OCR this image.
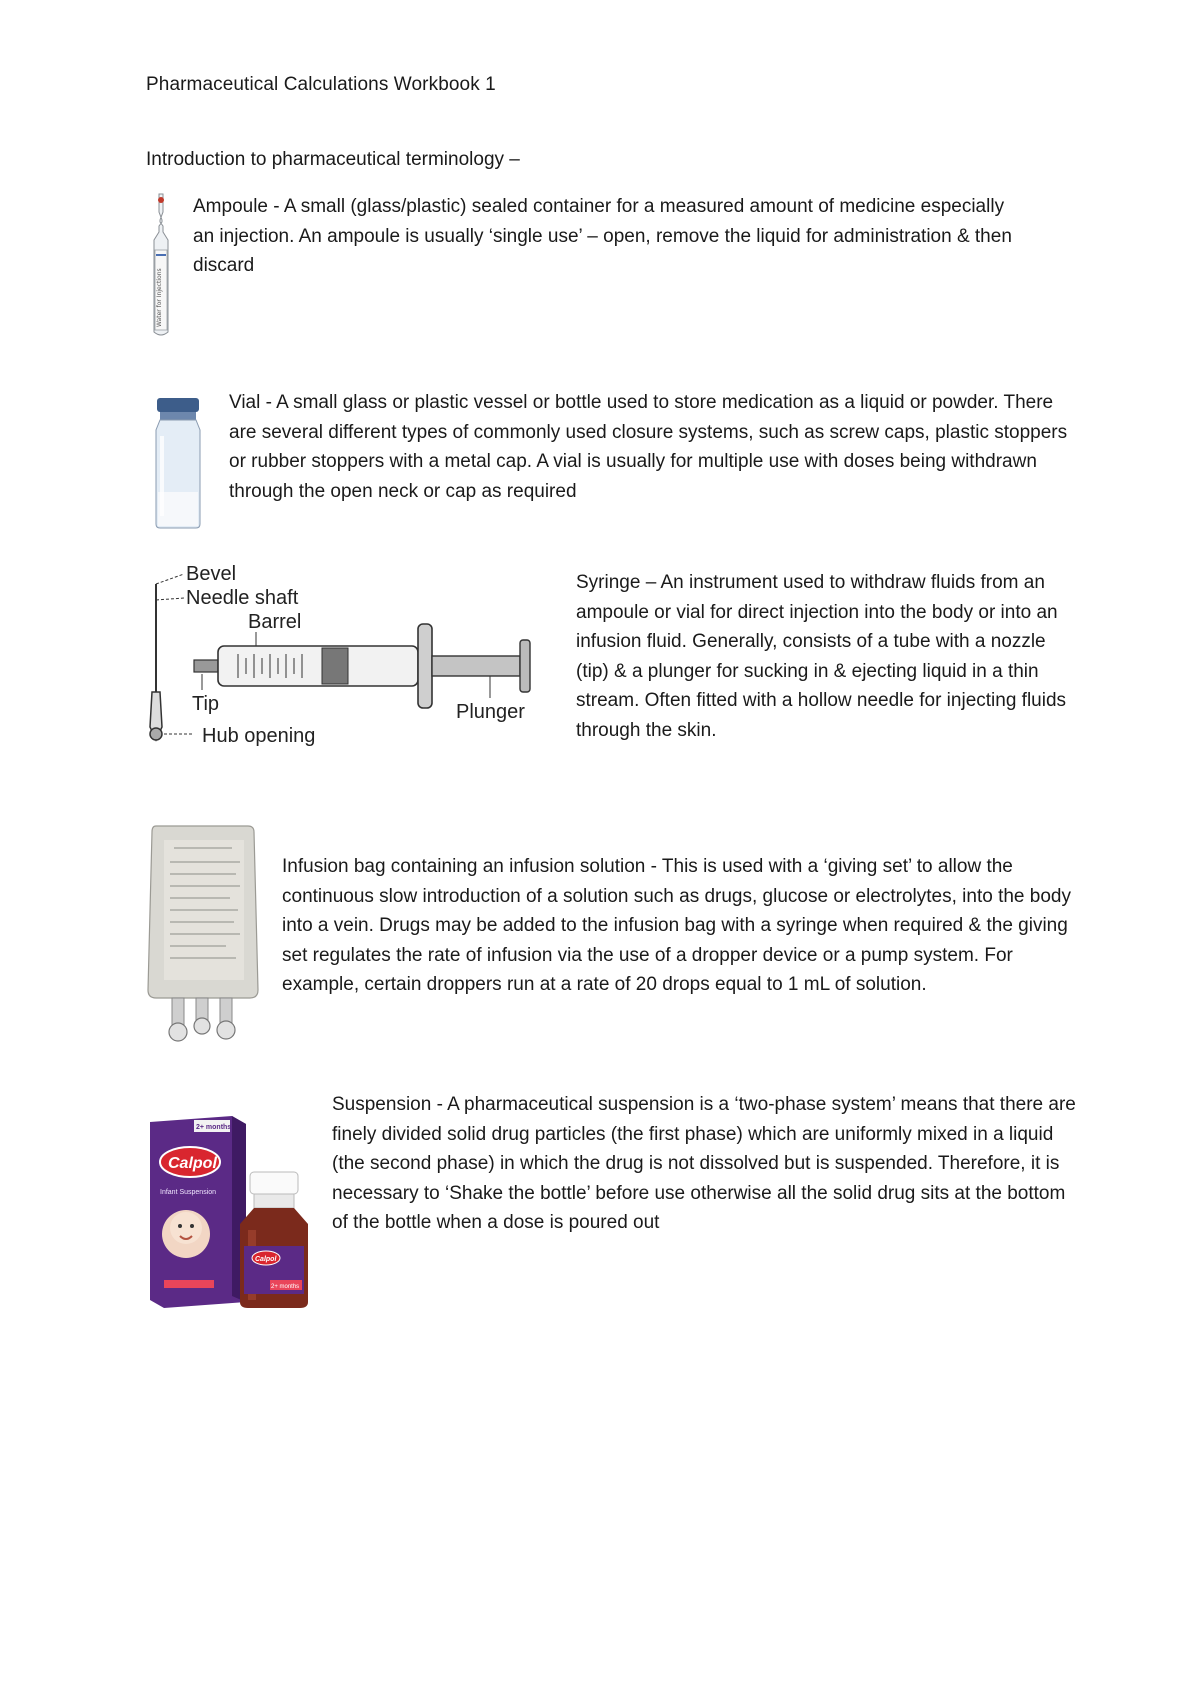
Pharmaceutical Calculations Workbook 1
Introduction to pharmaceutical terminology –
Water for Injections

Ampoule - A small (glass/plastic) sealed container for a measured amount of medicine especially an injection. An ampoule is usually ‘single use’ – open, remove the liquid for administration & then discard

Vial - A small glass or plastic vessel or bottle used to store medication as a liquid or powder. There are several different types of commonly used closure systems, such as screw caps, plastic stoppers or rubber stoppers with a metal cap. A vial is usually for multiple use with doses being withdrawn through the open neck or cap as required

Bevel
Needle shaft
Barrel
Tip
Hub opening
Plunger

Syringe – An instrument used to withdraw fluids from an ampoule or vial for direct injection into the body or into an infusion fluid. Generally, consists of a tube with a nozzle (tip) & a plunger for sucking in & ejecting liquid in a thin stream. Often fitted with a hollow needle for injecting fluids through the skin.

Infusion bag containing an infusion solution - This is used with a ‘giving set’ to allow the continuous slow introduction of a solution such as drugs, glucose or electrolytes, into the body into a vein. Drugs may be added to the infusion bag with a syringe when required & the giving set regulates the rate of infusion via the use of a dropper device or a pump system. For example, certain droppers run at a rate of 20 drops equal to 1 mL of solution.

2+ months
Calpol
Infant Suspension
Calpol
2+ months

Suspension - A pharmaceutical suspension is a ‘two-phase system’ means that there are finely divided solid drug particles (the first phase) which are uniformly mixed in a liquid (the second phase) in which the drug is not dissolved but is suspended. Therefore, it is necessary to ‘Shake the bottle’ before use otherwise all the solid drug sits at the bottom of the bottle when a dose is poured out
